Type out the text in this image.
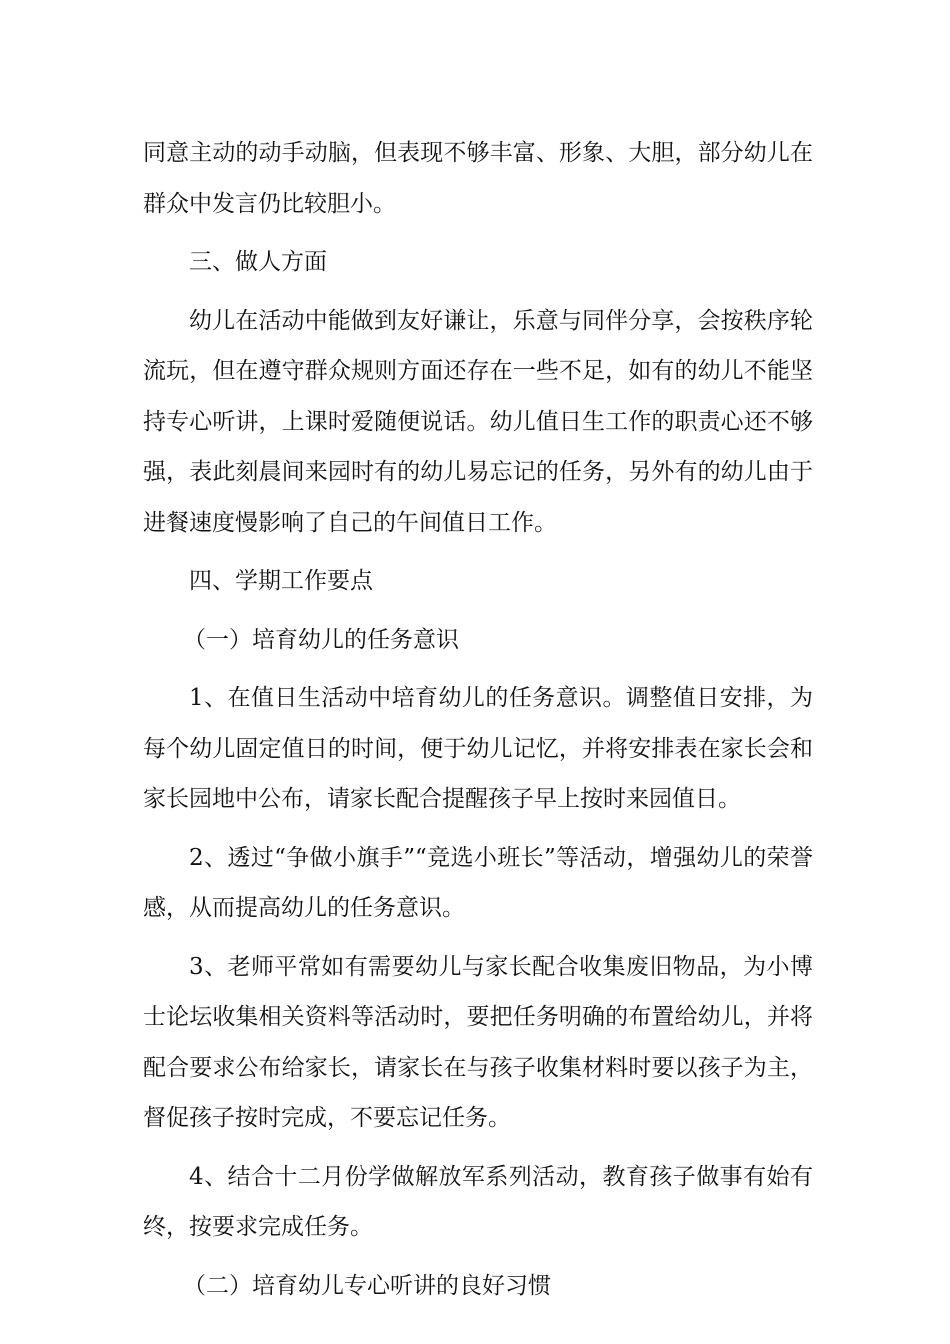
同意主动的动手动脑，但表现不够丰富、形象、大胆，部分幼儿在群众中发言仍比较胆小。

三、做人方面

幼儿在活动中能做到友好谦让，乐意与同伴分享，会按秩序轮流玩，但在遵守群众规则方面还存在一些不足，如有的幼儿不能坚持专心听讲，上课时爱随便说话。幼儿值日生工作的职责心还不够强，表此刻晨间来园时有的幼儿易忘记的任务，另外有的幼儿由于进餐速度慢影响了自己的午间值日工作。

四、学期工作要点

（一）培育幼儿的任务意识

1、在值日生活动中培育幼儿的任务意识。调整值日安排，为每个幼儿固定值日的时间，便于幼儿记忆，并将安排表在家长会和家长园地中公布，请家长配合提醒孩子早上按时来园值日。

2、透过“争做小旗手”“竞选小班长”等活动，增强幼儿的荣誉感，从而提高幼儿的任务意识。

3、老师平常如有需要幼儿与家长配合收集废旧物品，为小博士论坛收集相关资料等活动时，要把任务明确的布置给幼儿，并将配合要求公布给家长，请家长在与孩子收集材料时要以孩子为主，督促孩子按时完成，不要忘记任务。

4、结合十二月份学做解放军系列活动，教育孩子做事有始有终，按要求完成任务。

（二）培育幼儿专心听讲的良好习惯
